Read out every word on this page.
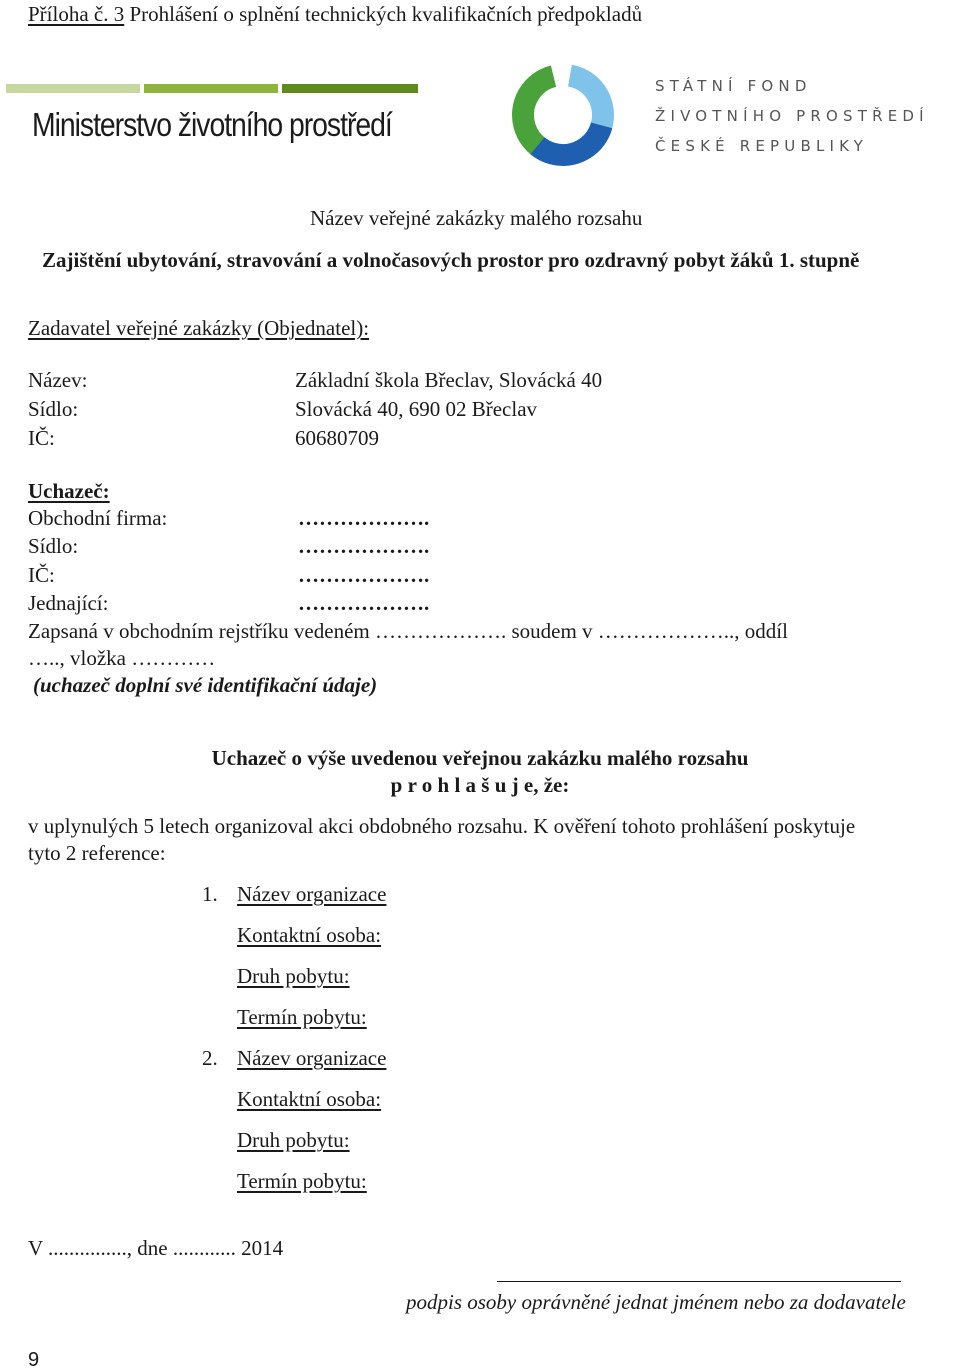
Příloha č. 3 Prohlášení o splnění technických kvalifikačních předpokladů
Ministerstvo životního prostředí
STÁTNÍ FOND
ŽIVOTNÍHO PROSTŘEDÍ
ČESKÉ REPUBLIKY
Název veřejné zakázky malého rozsahu
Zajištění ubytování, stravování a volnočasových prostor pro ozdravný pobyt žáků 1. stupně
Zadavatel veřejné zakázky (Objednatel):
Název:	Základní škola Břeclav, Slovácká 40
Sídlo:	Slovácká 40, 690 02 Břeclav
IČ:	60680709
Uchazeč:
Obchodní firma:	……………….
Sídlo:	……………….
IČ:	……………….
Jednající:	……………….
Zapsaná v obchodním rejstříku vedeném ………………. soudem v ……………….., oddíl
….., vložka …………
(uchazeč doplní své identifikační údaje)
Uchazeč o výše uvedenou veřejnou zakázku malého rozsahu
p r o h l a š u j e, že:
v uplynulých 5 letech organizoval akci obdobného rozsahu. K ověření tohoto prohlášení poskytuje
tyto 2 reference:
1. Název organizace
Kontaktní osoba:
Druh pobytu:
Termín pobytu:
2. Název organizace
Kontaktní osoba:
Druh pobytu:
Termín pobytu:
V ..............., dne ............ 2014
podpis osoby oprávněné jednat jménem nebo za dodavatele
9
